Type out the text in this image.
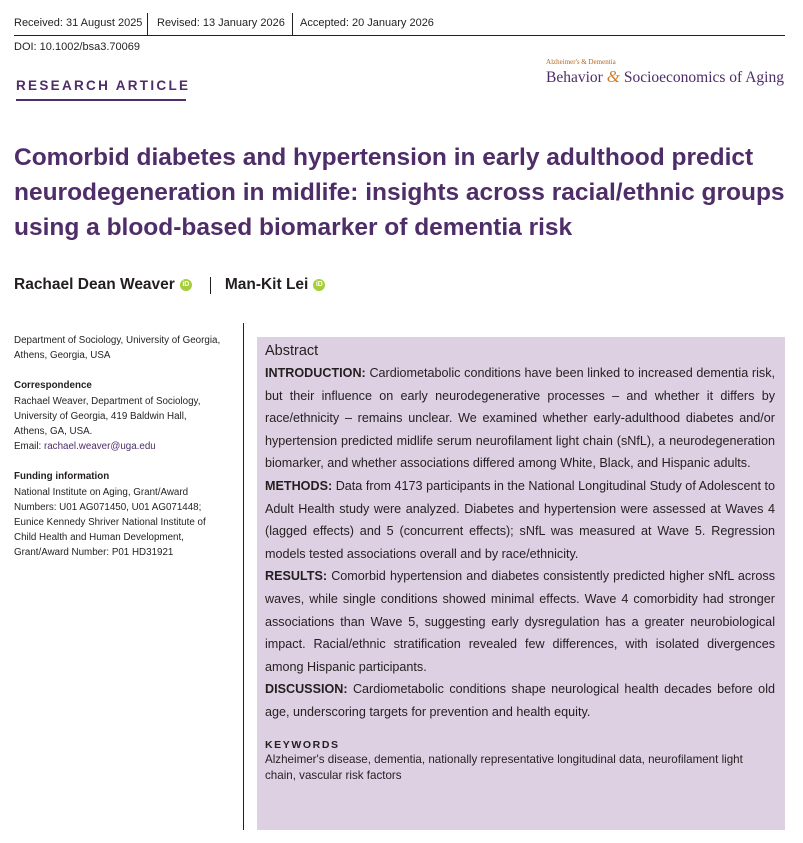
Received: 31 August 2025 Revised: 13 January 2026 Accepted: 20 January 2026
DOI: 10.1002/bsa3.70069
RESEARCH ARTICLE
Alzheimer's & Dementia
Behavior & Socioeconomics of Aging
Comorbid diabetes and hypertension in early adulthood predict neurodegeneration in midlife: insights across racial/ethnic groups using a blood-based biomarker of dementia risk
Rachael Dean Weaver	iD Man-Kit Lei	iD
Department of Sociology, University of Georgia, Athens, Georgia, USA
Correspondence
Rachael Weaver, Department of Sociology,
University of Georgia, 419 Baldwin Hall,
Athens, GA, USA.
Email: rachael.weaver@uga.edu
Funding information
National Institute on Aging, Grant/Award
Numbers: U01 AG071450, U01 AG071448;
Eunice Kennedy Shriver National Institute of
Child Health and Human Development,
Grant/Award Number: P01 HD31921
Abstract

INTRODUCTION: Cardiometabolic conditions have been linked to increased dementia risk, but their influence on early neurodegenerative processes – and whether it differs by race/ethnicity – remains unclear. We examined whether early-adulthood diabetes and/or hypertension predicted midlife serum neurofilament light chain (sNfL), a neurodegeneration biomarker, and whether associations differed among White, Black, and Hispanic adults.

METHODS: Data from 4173 participants in the National Longitudinal Study of Adolescent to Adult Health study were analyzed. Diabetes and hypertension were assessed at Waves 4 (lagged effects) and 5 (concurrent effects); sNfL was measured at Wave 5. Regression models tested associations overall and by race/ethnicity.

RESULTS: Comorbid hypertension and diabetes consistently predicted higher sNfL across waves, while single conditions showed minimal effects. Wave 4 comorbidity had stronger associations than Wave 5, suggesting early dysregulation has a greater neurobiological impact. Racial/ethnic stratification revealed few differences, with isolated divergences among Hispanic participants.

DISCUSSION: Cardiometabolic conditions shape neurological health decades before old age, underscoring targets for prevention and health equity.

KEYWORDS
Alzheimer's disease, dementia, nationally representative longitudinal data, neurofilament light chain, vascular risk factors
